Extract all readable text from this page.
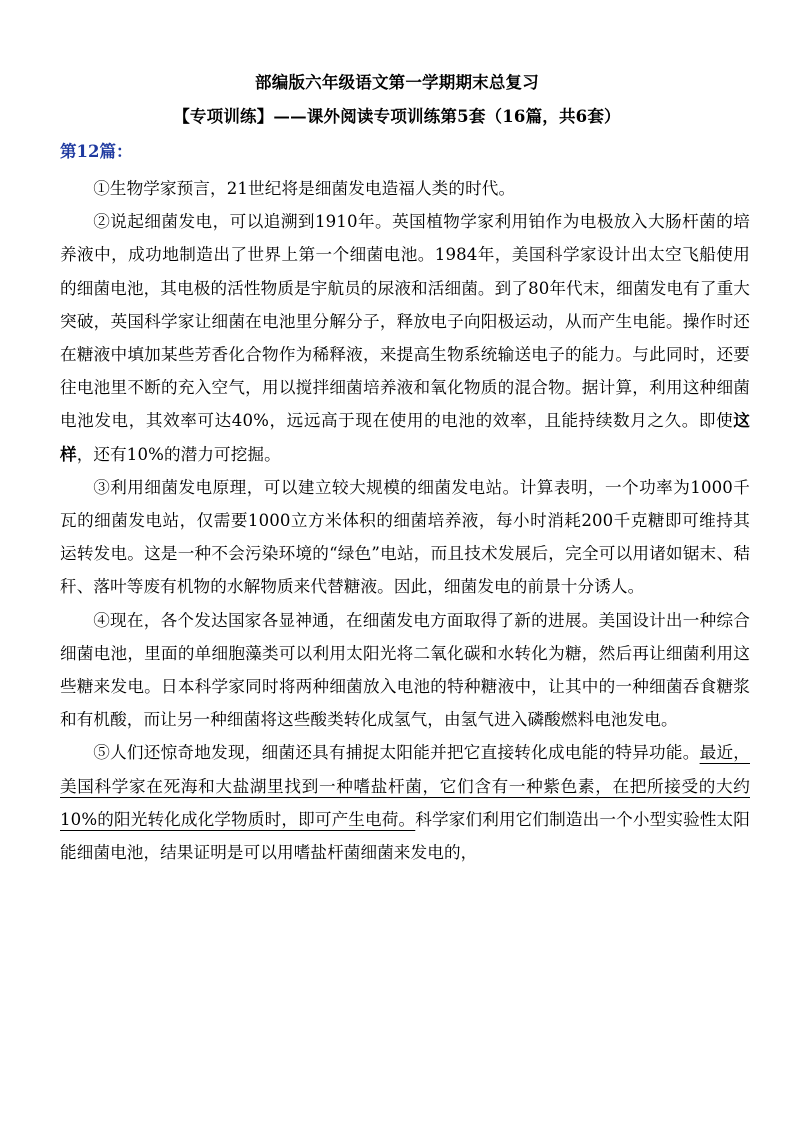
部编版六年级语文第一学期期末总复习
【专项训练】——课外阅读专项训练第5套（16篇，共6套）
第12篇：

①生物学家预言，21世纪将是细菌发电造福人类的时代。

②说起细菌发电，可以追溯到1910年。英国植物学家利用铂作为电极放入大肠杆菌的培养液中，成功地制造出了世界上第一个细菌电池。1984年，美国科学家设计出太空飞船使用的细菌电池，其电极的活性物质是宇航员的尿液和活细菌。到了80年代末，细菌发电有了重大突破，英国科学家让细菌在电池里分解分子，释放电子向阳极运动，从而产生电能。操作时还在糖液中填加某些芳香化合物作为稀释液，来提高生物系统输送电子的能力。与此同时，还要往电池里不断的充入空气，用以搅拌细菌培养液和氧化物质的混合物。据计算，利用这种细菌电池发电，其效率可达40%，远远高于现在使用的电池的效率，且能持续数月之久。即使这样，还有10%的潜力可挖掘。

③利用细菌发电原理，可以建立较大规模的细菌发电站。计算表明，一个功率为1000千瓦的细菌发电站，仅需要1000立方米体积的细菌培养液，每小时消耗200千克糖即可维持其运转发电。这是一种不会污染环境的“绿色”电站，而且技术发展后，完全可以用诸如锯末、秸秆、落叶等废有机物的水解物质来代替糖液。因此，细菌发电的前景十分诱人。

④现在，各个发达国家各显神通，在细菌发电方面取得了新的进展。美国设计出一种综合细菌电池，里面的单细胞藻类可以利用太阳光将二氧化碳和水转化为糖，然后再让细菌利用这些糖来发电。日本科学家同时将两种细菌放入电池的特种糖液中，让其中的一种细菌吞食糖浆和有机酸，而让另一种细菌将这些酸类转化成氢气，由氢气进入磷酸燃料电池发电。

⑤人们还惊奇地发现，细菌还具有捕捉太阳能并把它直接转化成电能的特异功能。最近，美国科学家在死海和大盐湖里找到一种嗜盐杆菌，它们含有一种紫色素，在把所接受的大约10%的阳光转化成化学物质时，即可产生电荷。科学家们利用它们制造出一个小型实验性太阳能细菌电池，结果证明是可以用嗜盐杆菌细菌来发电的，
